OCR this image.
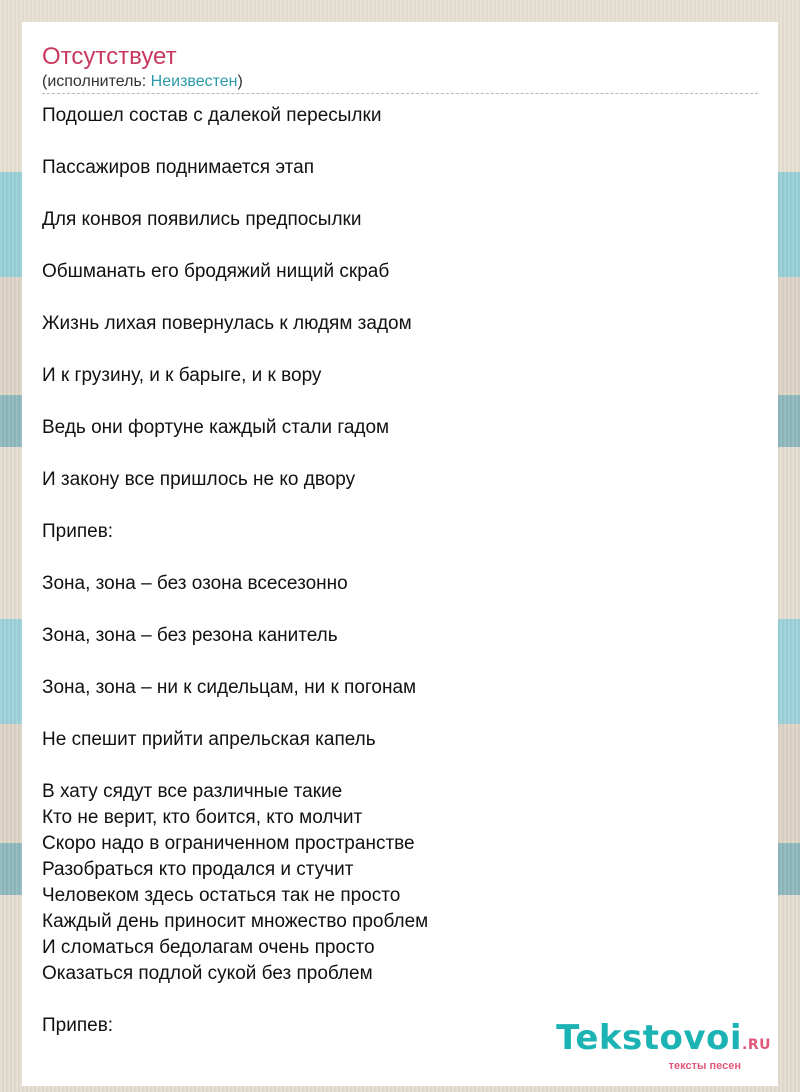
Отсутствует
(исполнитель: Неизвестен)
Подошел состав с далекой пересылки
Пассажиров поднимается этап
Для конвоя появились предпосылки
Обшманать его бродяжий нищий скраб
Жизнь лихая повернулась к людям задом
И к грузину, и к барыге, и к вору
Ведь они фортуне каждый стали гадом
И закону все пришлось не ко двору
Припев:
Зона, зона – без озона всесезонно
Зона, зона – без резона канитель
Зона, зона – ни к сидельцам, ни к погонам
Не спешит прийти апрельская капель
В хату сядут все различные такие
Кто не верит, кто боится, кто молчит
Скоро надо в ограниченном пространстве
Разобраться кто продался и стучит
Человеком здесь остаться так не просто
Каждый день приносит множество проблем
И сломаться бедолагам очень просто
Оказаться подлой сукой без проблем
Припев:	Tekstovoi.RU
тексты песен
